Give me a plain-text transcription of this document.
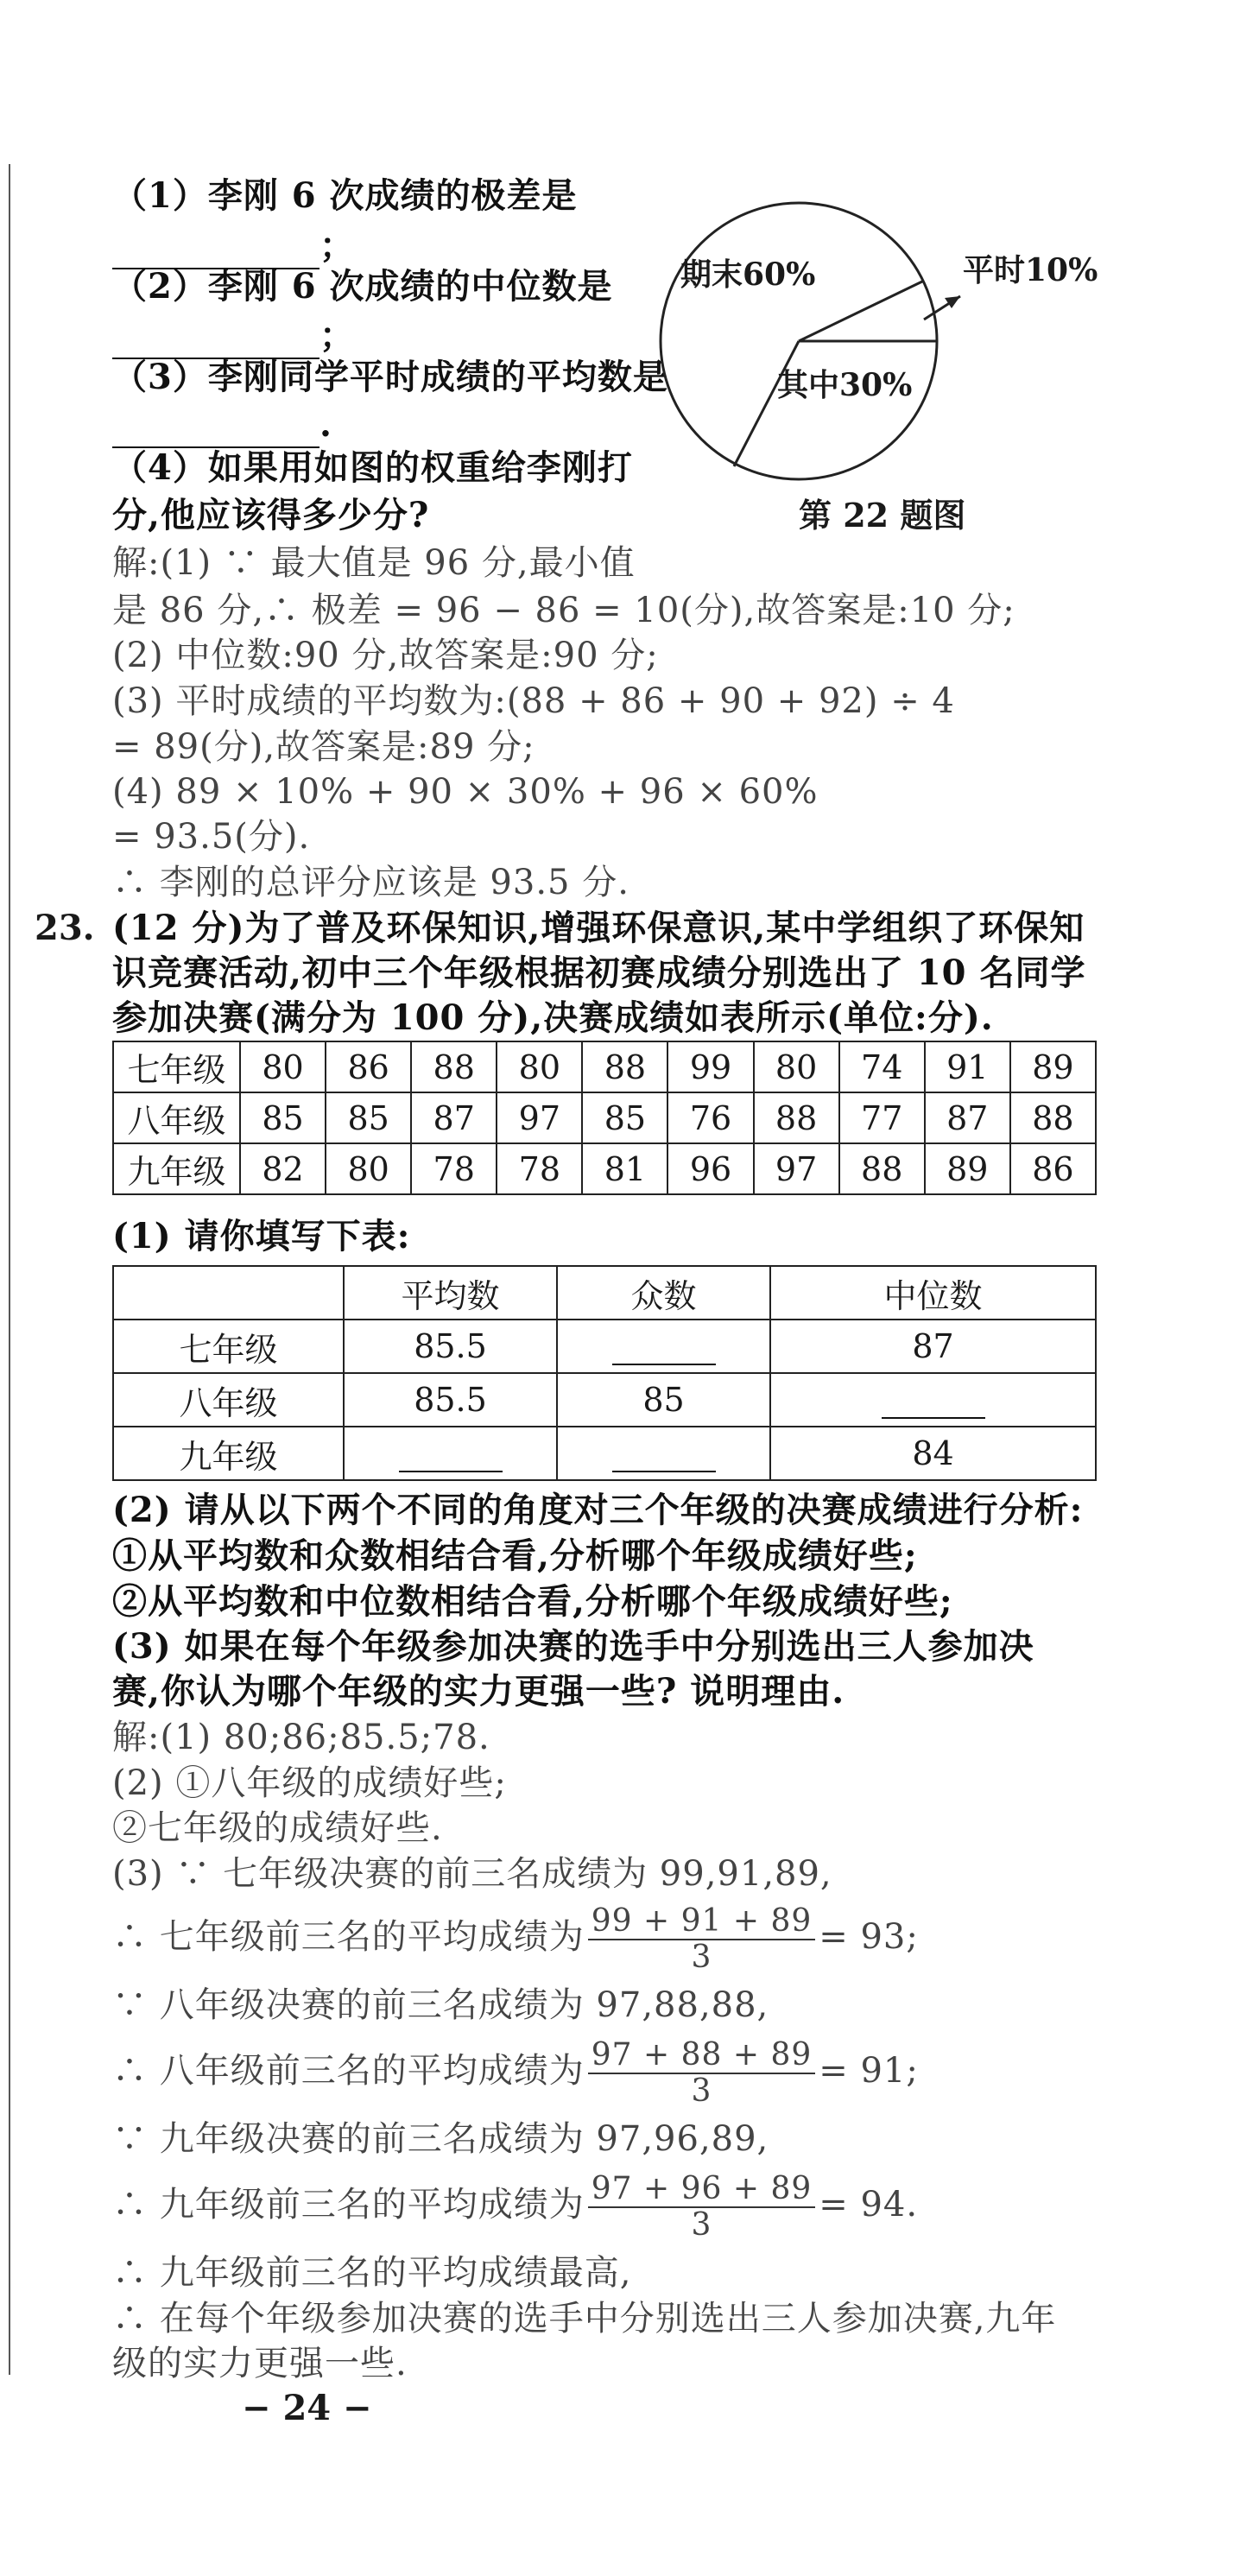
（1）李刚 6 次成绩的极差是
；
（2）李刚 6 次成绩的中位数是
；
（3）李刚同学平时成绩的平均数是
.
（4）如果用如图的权重给李刚打
分,他应该得多少分?
期末60%
其中30%
平时10%
第 22 题图
解:(1) ∵ 最大值是 96 分,最小值
是 86 分,∴ 极差 = 96 − 86 = 10(分),故答案是:10 分;
(2) 中位数:90 分,故答案是:90 分;
(3) 平时成绩的平均数为:(88 + 86 + 90 + 92) ÷ 4
= 89(分),故答案是:89 分;
(4) 89 × 10% + 90 × 30% + 96 × 60%
= 93.5(分).
∴ 李刚的总评分应该是 93.5 分.
23. (12 分)为了普及环保知识,增强环保意识,某中学组织了环保知
识竞赛活动,初中三个年级根据初赛成绩分别选出了 10 名同学
参加决赛(满分为 100 分),决赛成绩如表所示(单位:分).
七年级	80	86	88	80	88	99	80	74	91	89
八年级	85	85	87	97	85	76	88	77	87	88
九年级	82	80	78	78	81	96	97	88	89	86
(1) 请你填写下表:
	平均数	众数	中位数
七年级	85.5		87
八年级	85.5	85	
九年级			84
(2) 请从以下两个不同的角度对三个年级的决赛成绩进行分析:
①从平均数和众数相结合看,分析哪个年级成绩好些;
②从平均数和中位数相结合看,分析哪个年级成绩好些;
(3) 如果在每个年级参加决赛的选手中分别选出三人参加决
赛,你认为哪个年级的实力更强一些? 说明理由.
解:(1) 80;86;85.5;78.
(2) ①八年级的成绩好些;
②七年级的成绩好些.
(3) ∵ 七年级决赛的前三名成绩为 99,91,89,
∴ 七年级前三名的平均成绩为 $\frac{99 + 91 + 89}{3} = 93$;
∵ 八年级决赛的前三名成绩为 97,88,88,
∴ 八年级前三名的平均成绩为 $\frac{97 + 88 + 89}{3} = 91$;
∵ 九年级决赛的前三名成绩为 97,96,89,
∴ 九年级前三名的平均成绩为 $\frac{97 + 96 + 89}{3} = 94$.
∴ 九年级前三名的平均成绩最高,
∴ 在每个年级参加决赛的选手中分别选出三人参加决赛,九年
级的实力更强一些.
− 24 −
